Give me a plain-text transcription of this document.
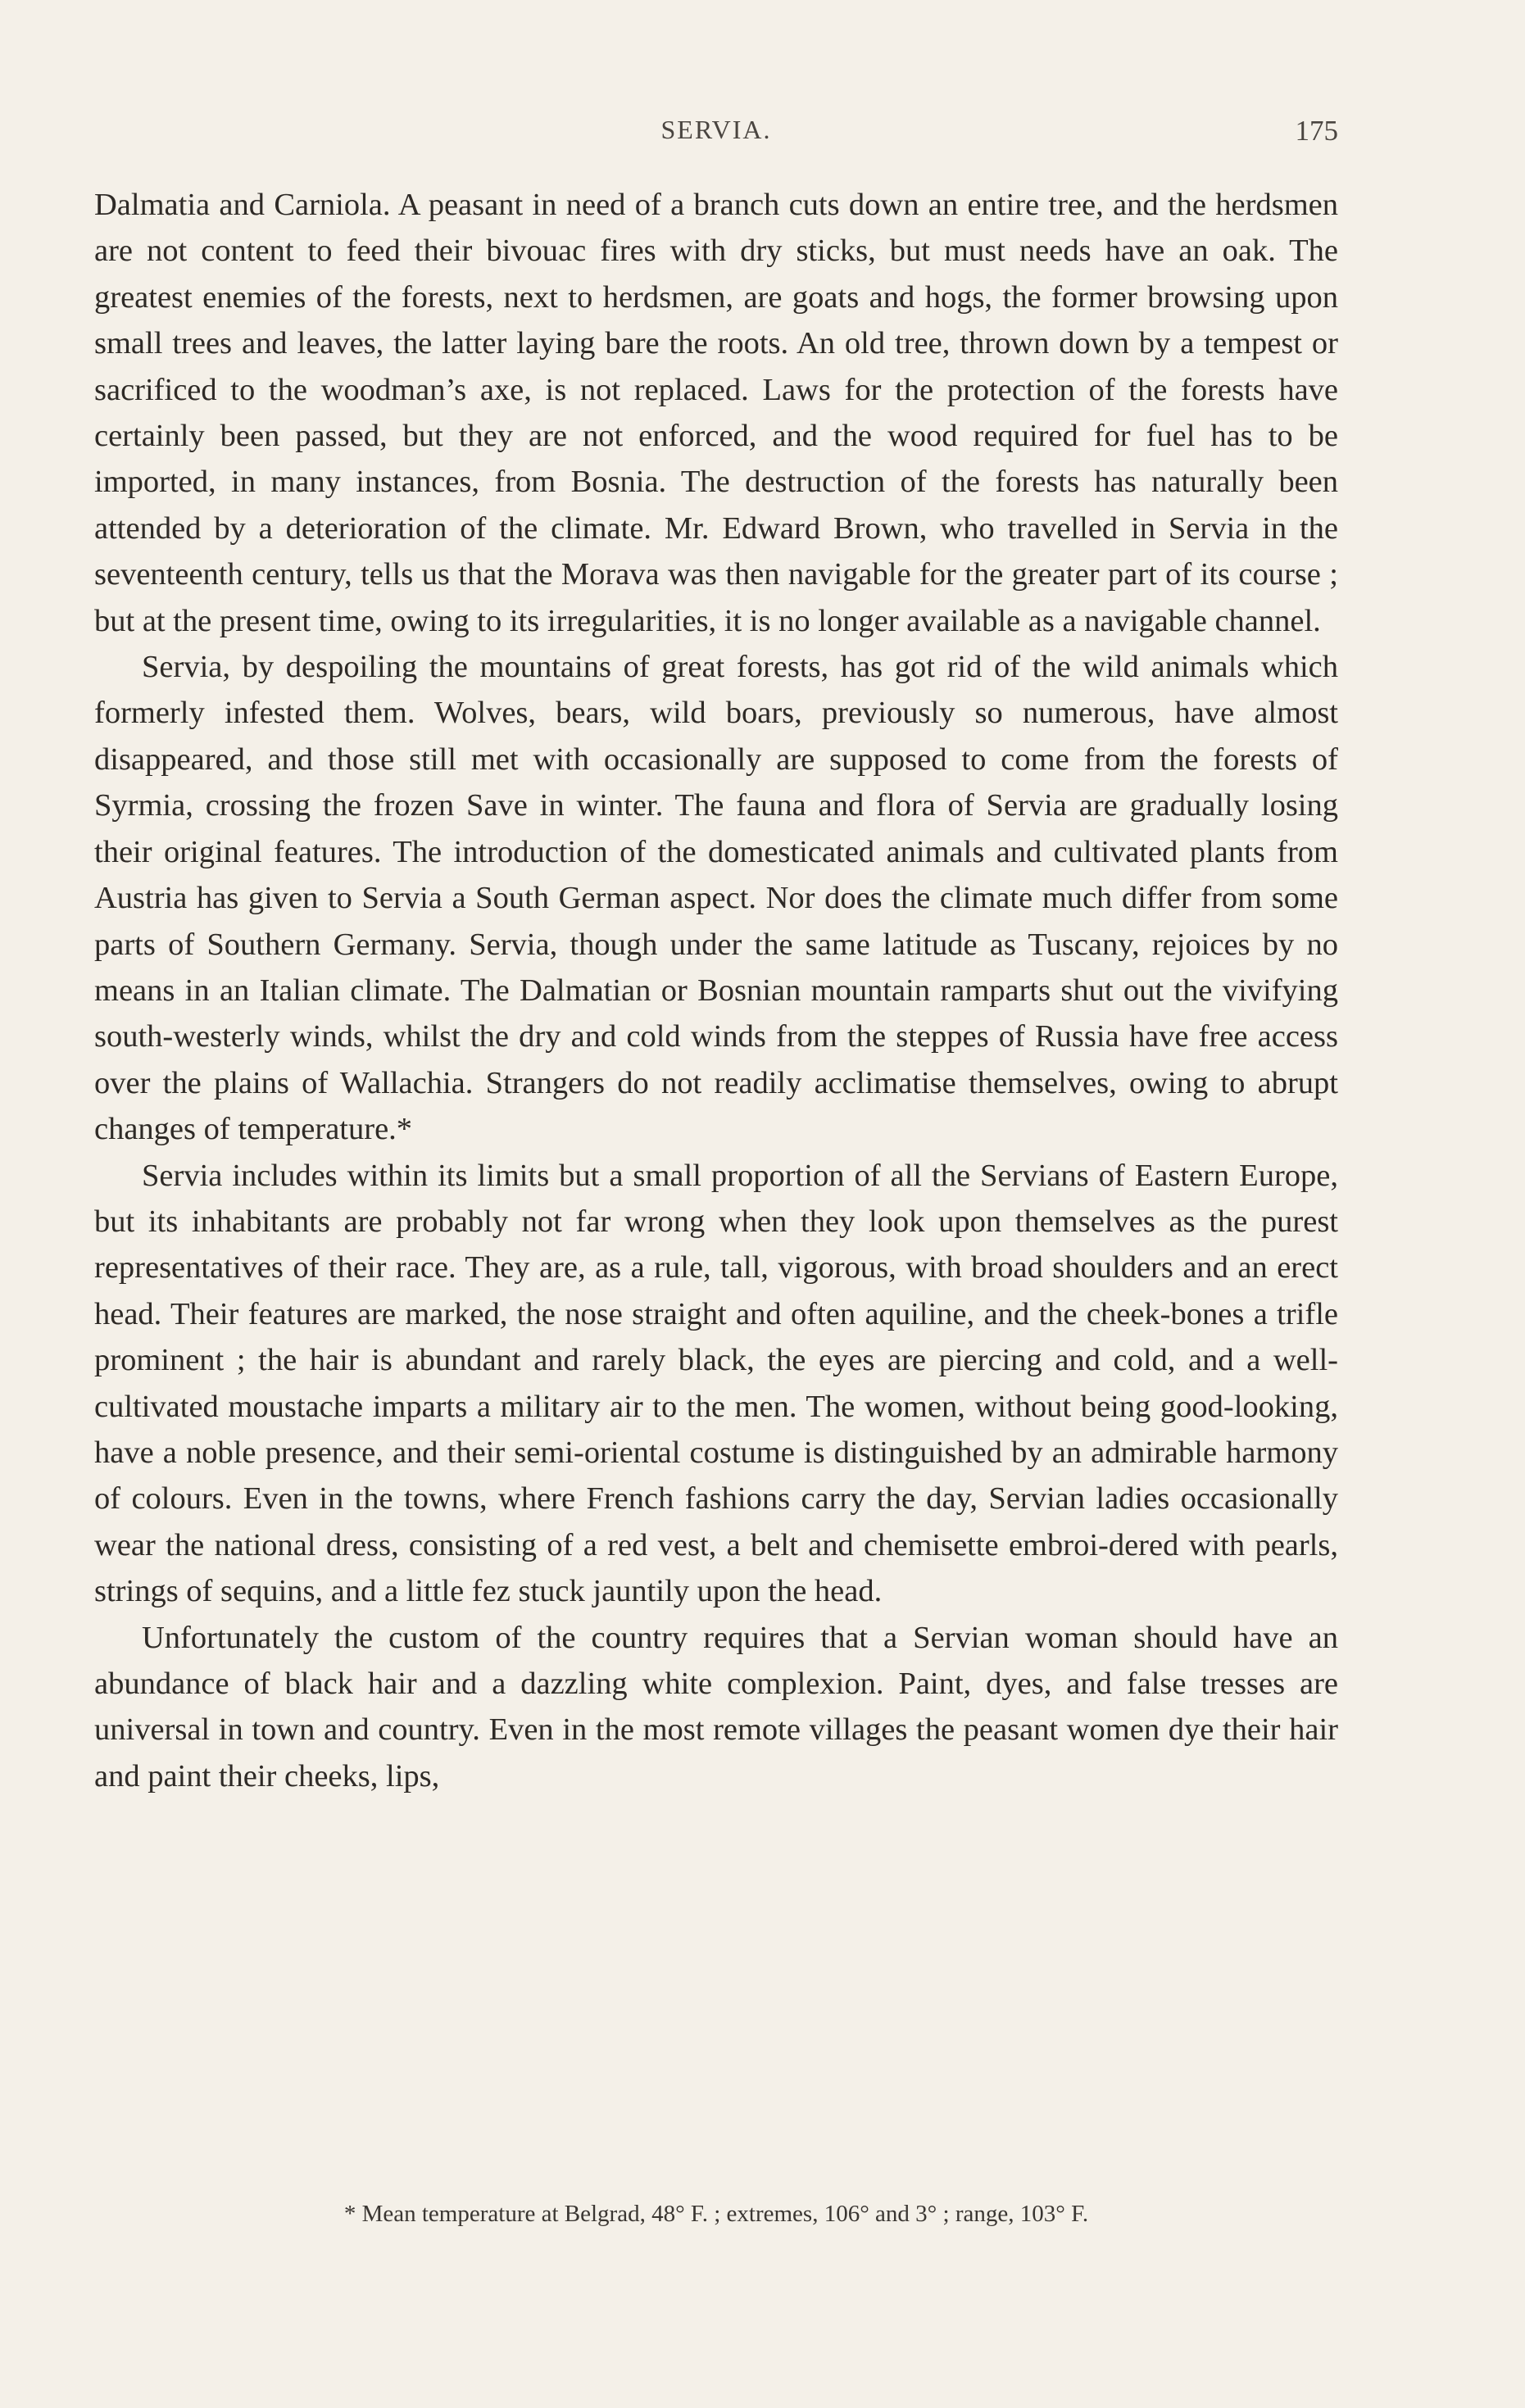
SERVIA.	175

Dalmatia and Carniola. A peasant in need of a branch cuts down an entire tree, and the herdsmen are not content to feed their bivouac fires with dry sticks, but must needs have an oak. The greatest enemies of the forests, next to herdsmen, are goats and hogs, the former browsing upon small trees and leaves, the latter laying bare the roots. An old tree, thrown down by a tempest or sacrificed to the woodman’s axe, is not replaced. Laws for the protection of the forests have certainly been passed, but they are not enforced, and the wood required for fuel has to be imported, in many instances, from Bosnia. The destruction of the forests has naturally been attended by a deterioration of the climate. Mr. Edward Brown, who travelled in Servia in the seventeenth century, tells us that the Morava was then navigable for the greater part of its course ; but at the present time, owing to its irregularities, it is no longer available as a navigable channel.

Servia, by despoiling the mountains of great forests, has got rid of the wild animals which formerly infested them. Wolves, bears, wild boars, previously so numerous, have almost disappeared, and those still met with occasionally are supposed to come from the forests of Syrmia, crossing the frozen Save in winter. The fauna and flora of Servia are gradually losing their original features. The introduction of the domesticated animals and cultivated plants from Austria has given to Servia a South German aspect. Nor does the climate much differ from some parts of Southern Germany. Servia, though under the same latitude as Tuscany, rejoices by no means in an Italian climate. The Dalmatian or Bosnian mountain ramparts shut out the vivifying south-westerly winds, whilst the dry and cold winds from the steppes of Russia have free access over the plains of Wallachia. Strangers do not readily acclimatise themselves, owing to abrupt changes of temperature.*

Servia includes within its limits but a small proportion of all the Servians of Eastern Europe, but its inhabitants are probably not far wrong when they look upon themselves as the purest representatives of their race. They are, as a rule, tall, vigorous, with broad shoulders and an erect head. Their features are marked, the nose straight and often aquiline, and the cheek-bones a trifle prominent ; the hair is abundant and rarely black, the eyes are piercing and cold, and a well-cultivated moustache imparts a military air to the men. The women, without being good-looking, have a noble presence, and their semi-oriental costume is distinguished by an admirable harmony of colours. Even in the towns, where French fashions carry the day, Servian ladies occasionally wear the national dress, consisting of a red vest, a belt and chemisette embroi-dered with pearls, strings of sequins, and a little fez stuck jauntily upon the head.

Unfortunately the custom of the country requires that a Servian woman should have an abundance of black hair and a dazzling white complexion. Paint, dyes, and false tresses are universal in town and country. Even in the most remote villages the peasant women dye their hair and paint their cheeks, lips,

* Mean temperature at Belgrad, 48° F. ; extremes, 106° and 3° ; range, 103° F.
